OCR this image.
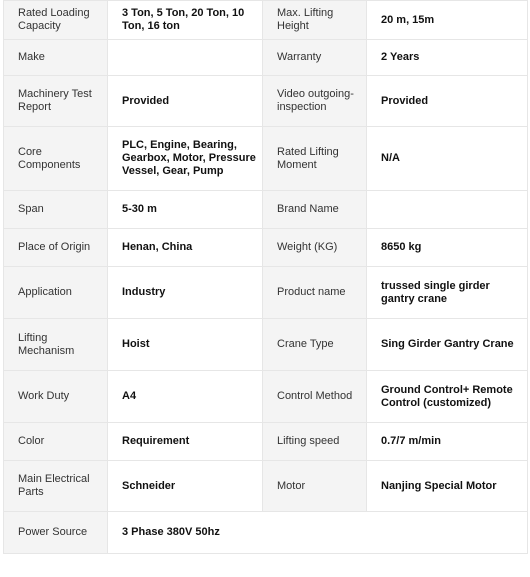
Rated Loading Capacity	3 Ton, 5 Ton, 20 Ton, 10 Ton, 16 ton	Max. Lifting Height	20 m, 15m
Make		Warranty	2 Years
Machinery Test Report	Provided	Video outgoing-inspection	Provided
Core Components	PLC, Engine, Bearing, Gearbox, Motor, Pressure Vessel, Gear, Pump	Rated Lifting Moment	N/A
Span	5-30 m	Brand Name	
Place of Origin	Henan, China	Weight (KG)	8650 kg
Application	Industry	Product name	trussed single girder gantry crane
Lifting Mechanism	Hoist	Crane Type	Sing Girder Gantry Crane
Work Duty	A4	Control Method	Ground Control+ Remote Control (customized)
Color	Requirement	Lifting speed	0.7/7 m/min
Main Electrical Parts	Schneider	Motor	Nanjing Special Motor
Power Source	3 Phase 380V 50hz		
